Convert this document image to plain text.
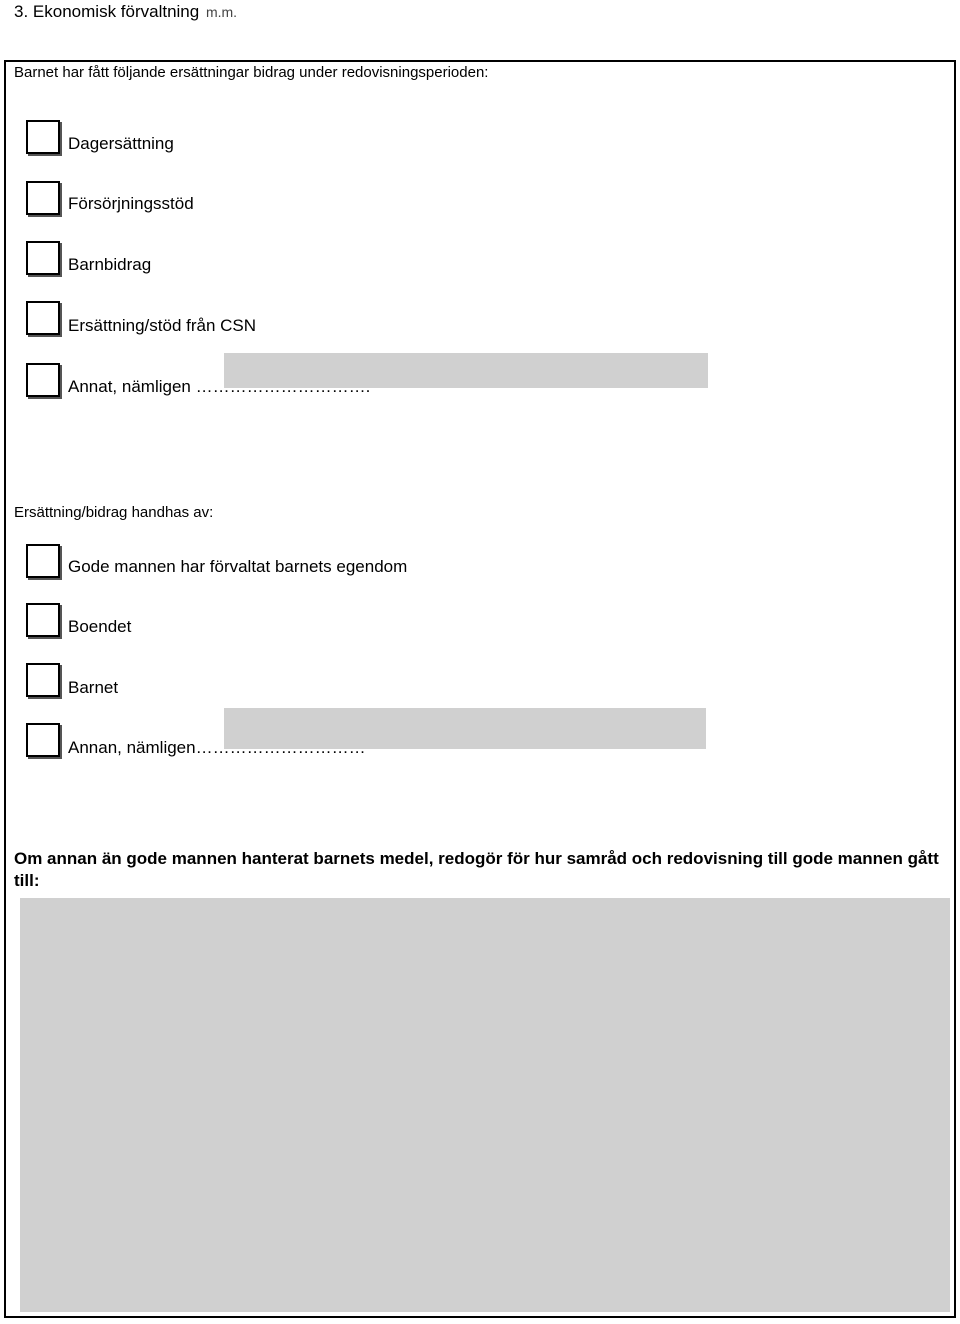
3. Ekonomisk förvaltning m.m.
Barnet har fått följande ersättningar bidrag under redovisningsperioden:
Dagersättning
Försörjningsstöd
Barnbidrag
Ersättning/stöd från CSN
Annat, nämligen ………………………….
Ersättning/bidrag handhas av:
Gode mannen har förvaltat barnets egendom
Boendet
Barnet
Annan, nämligen…………………………
Om annan än gode mannen hanterat barnets medel, redogör för hur samråd och redovisning till gode mannen gått till:
